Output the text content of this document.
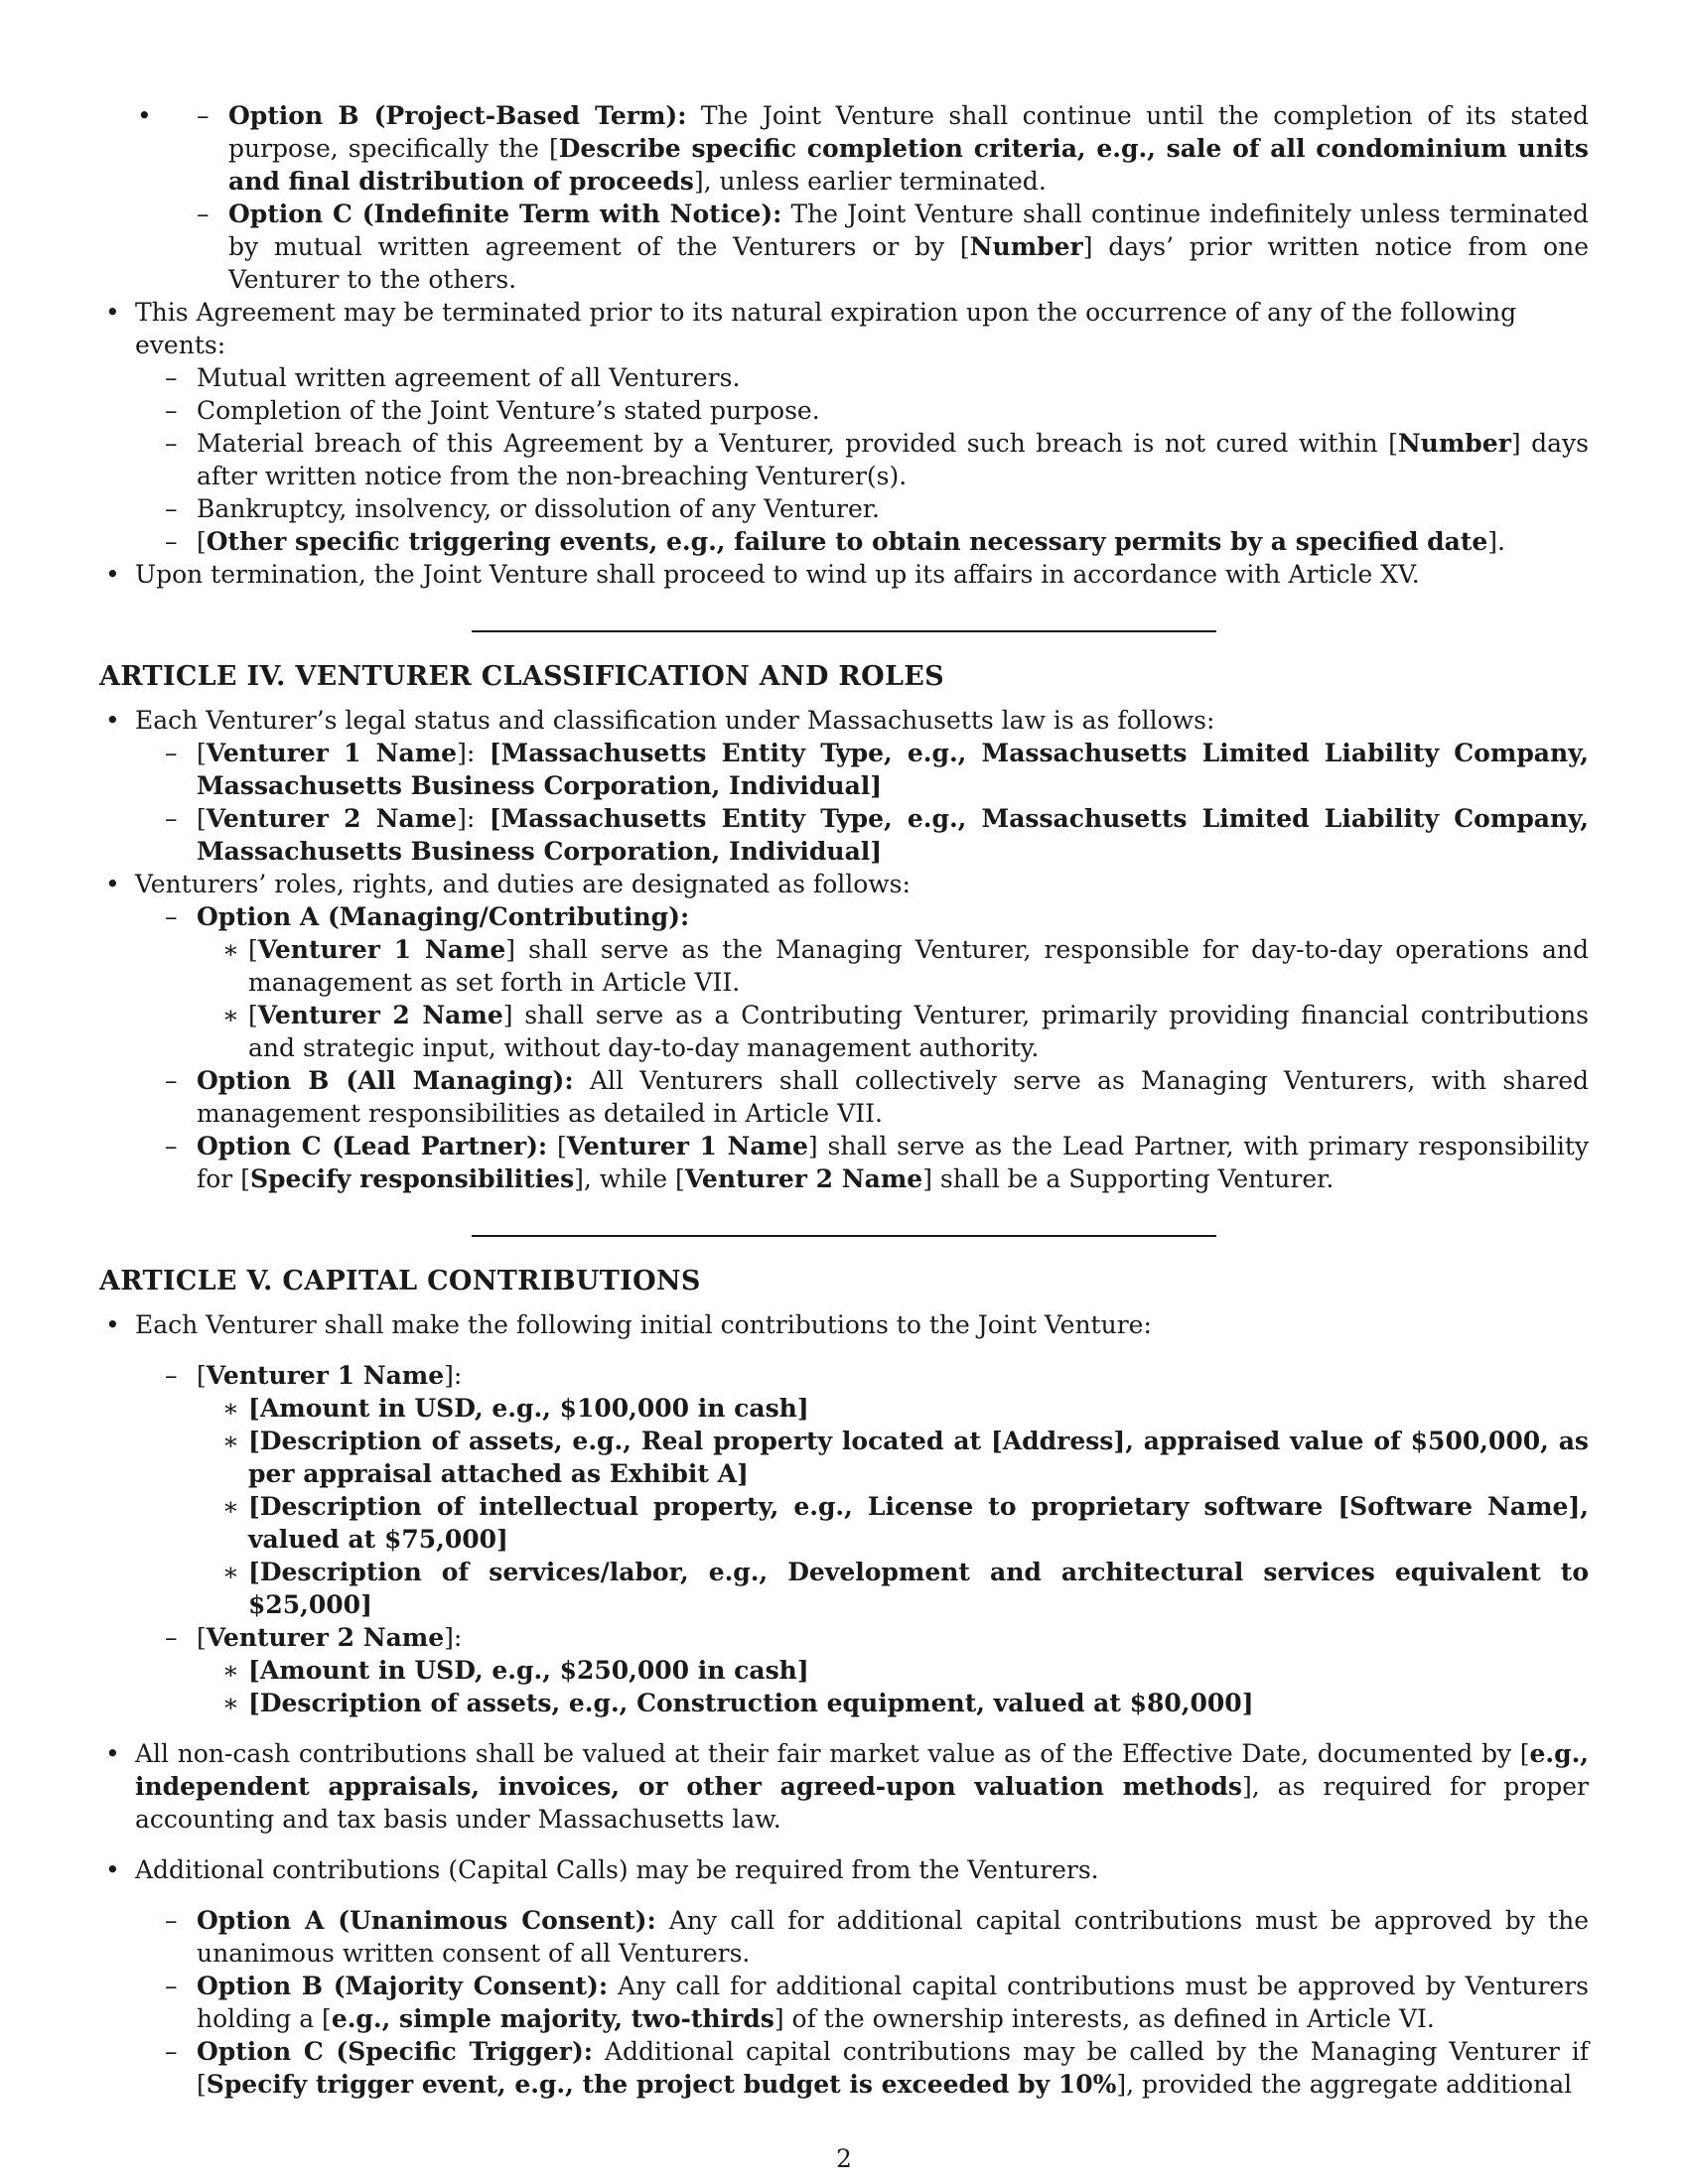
– • Option B (Project-Based Term): The Joint Venture shall continue until the completion of its stated purpose, specifically the [Describe specific completion criteria, e.g., sale of all condominium units and final distribution of proceeds], unless earlier terminated.
– Option C (Indefinite Term with Notice): The Joint Venture shall continue indefinitely unless terminated by mutual written agreement of the Venturers or by [Number] days’ prior written notice from one Venturer to the others.
• This Agreement may be terminated prior to its natural expiration upon the occurrence of any of the following events:
– Mutual written agreement of all Venturers.
– Completion of the Joint Venture’s stated purpose.
– Material breach of this Agreement by a Venturer, provided such breach is not cured within [Number] days after written notice from the non-breaching Venturer(s).
– Bankruptcy, insolvency, or dissolution of any Venturer.
– [Other specific triggering events, e.g., failure to obtain necessary permits by a specified date].
• Upon termination, the Joint Venture shall proceed to wind up its affairs in accordance with Article XV.
ARTICLE IV. VENTURER CLASSIFICATION AND ROLES
• Each Venturer’s legal status and classification under Massachusetts law is as follows:
– [Venturer 1 Name]: [Massachusetts Entity Type, e.g., Massachusetts Limited Liability Company, Massachusetts Business Corporation, Individual]
– [Venturer 2 Name]: [Massachusetts Entity Type, e.g., Massachusetts Limited Liability Company, Massachusetts Business Corporation, Individual]
• Venturers’ roles, rights, and duties are designated as follows:
– Option A (Managing/Contributing):
∗ [Venturer 1 Name] shall serve as the Managing Venturer, responsible for day-to-day operations and management as set forth in Article VII.
∗ [Venturer 2 Name] shall serve as a Contributing Venturer, primarily providing financial contributions and strategic input, without day-to-day management authority.
– Option B (All Managing): All Venturers shall collectively serve as Managing Venturers, with shared management responsibilities as detailed in Article VII.
– Option C (Lead Partner): [Venturer 1 Name] shall serve as the Lead Partner, with primary responsibility for [Specify responsibilities], while [Venturer 2 Name] shall be a Supporting Venturer.
ARTICLE V. CAPITAL CONTRIBUTIONS
• Each Venturer shall make the following initial contributions to the Joint Venture:
– [Venturer 1 Name]:
∗ [Amount in USD, e.g., $100,000 in cash]
∗ [Description of assets, e.g., Real property located at [Address], appraised value of $500,000, as per appraisal attached as Exhibit A]
∗ [Description of intellectual property, e.g., License to proprietary software [Software Name], valued at $75,000]
∗ [Description of services/labor, e.g., Development and architectural services equivalent to $25,000]
– [Venturer 2 Name]:
∗ [Amount in USD, e.g., $250,000 in cash]
∗ [Description of assets, e.g., Construction equipment, valued at $80,000]
• All non-cash contributions shall be valued at their fair market value as of the Effective Date, documented by [e.g., independent appraisals, invoices, or other agreed-upon valuation methods], as required for proper accounting and tax basis under Massachusetts law.
• Additional contributions (Capital Calls) may be required from the Venturers.
– Option A (Unanimous Consent): Any call for additional capital contributions must be approved by the unanimous written consent of all Venturers.
– Option B (Majority Consent): Any call for additional capital contributions must be approved by Venturers holding a [e.g., simple majority, two-thirds] of the ownership interests, as defined in Article VI.
– Option C (Specific Trigger): Additional capital contributions may be called by the Managing Venturer if [Specify trigger event, e.g., the project budget is exceeded by 10%], provided the aggregate additional
2
